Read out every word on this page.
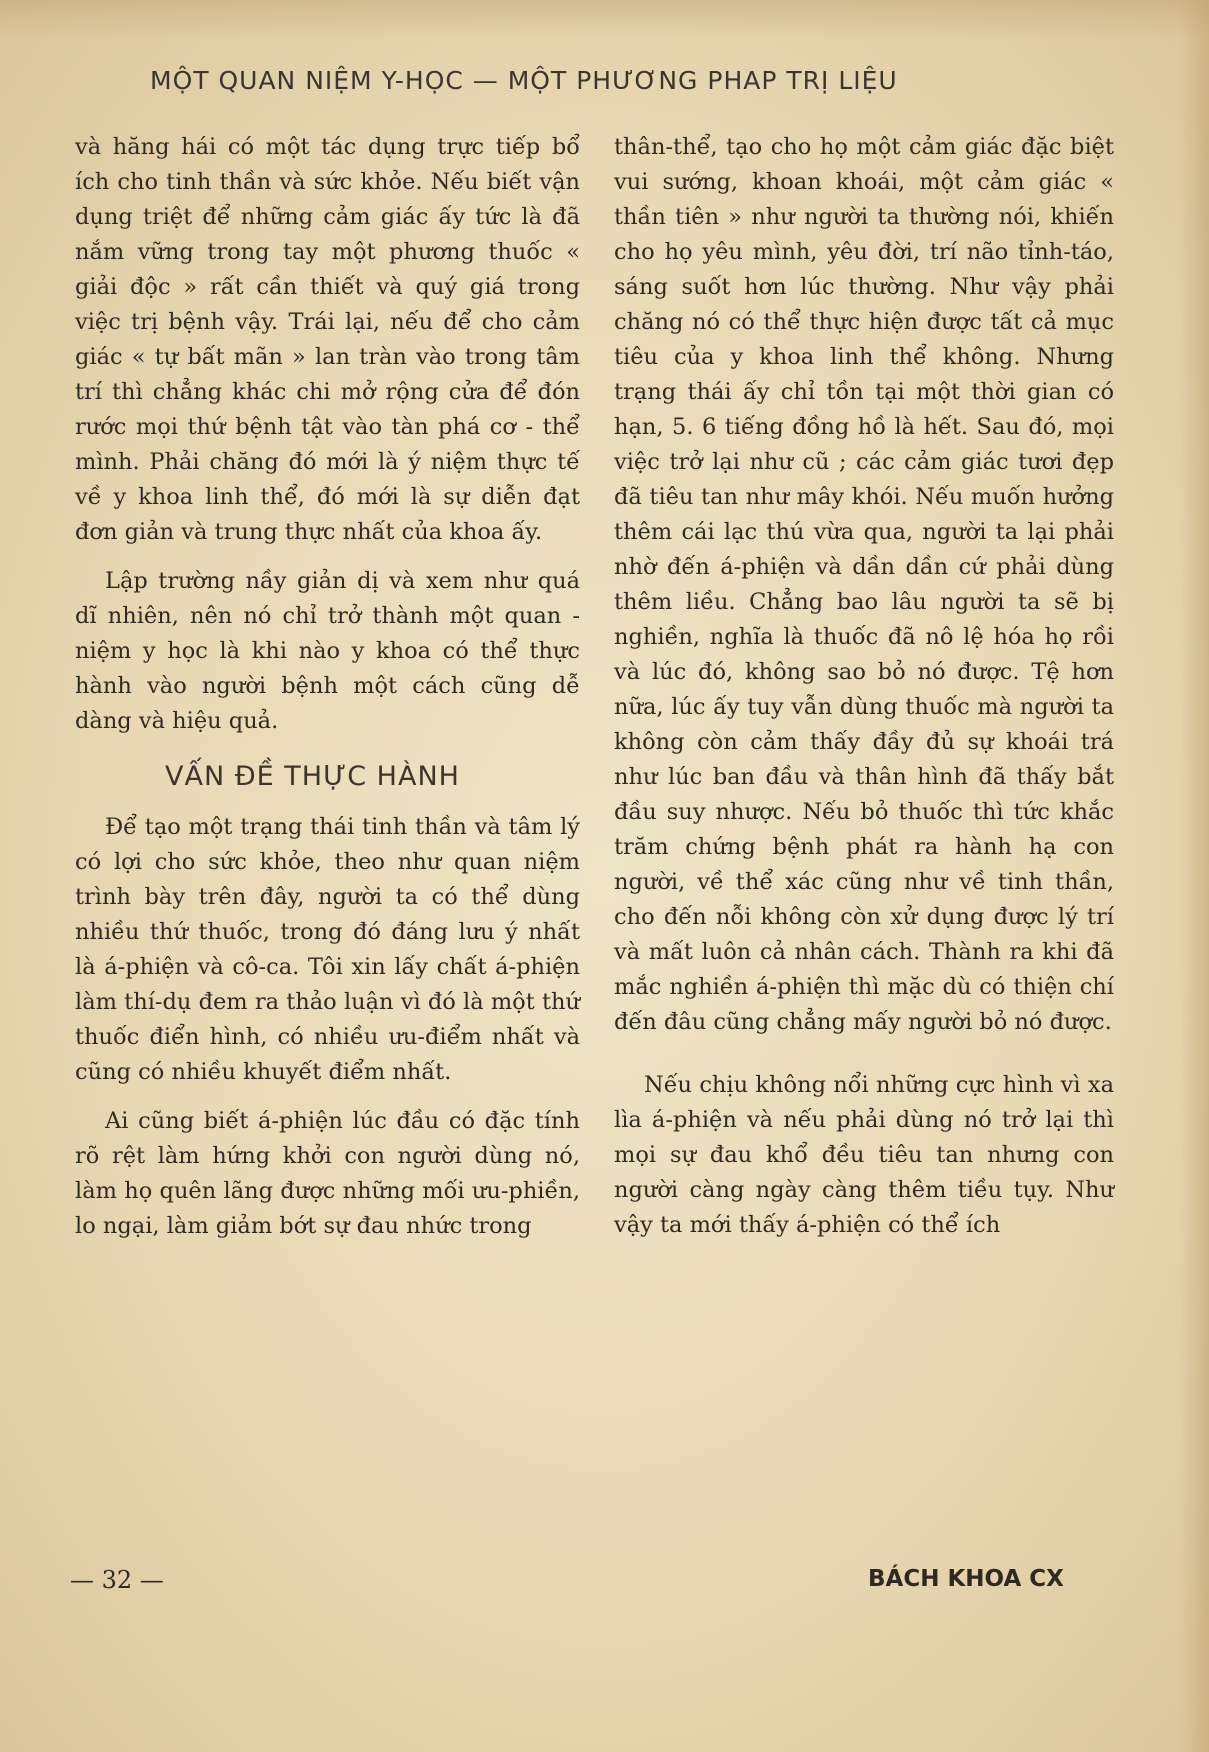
MỘT QUAN NIỆM Y-HỌC — MỘT PHƯƠNG PHAP TRỊ LIỆU

và hăng hái có một tác dụng trực tiếp bổ ích cho tinh thần và sức khỏe. Nếu biết vận dụng triệt để những cảm giác ấy tức là đã nắm vững trong tay một phương thuốc « giải độc » rất cần thiết và quý giá trong việc trị bệnh vậy. Trái lại, nếu để cho cảm giác « tự bất mãn » lan tràn vào trong tâm trí thì chẳng khác chi mở rộng cửa để đón rước mọi thứ bệnh tật vào tàn phá cơ - thể mình. Phải chăng đó mới là ý niệm thực tế về y khoa linh thể, đó mới là sự diễn đạt đơn giản và trung thực nhất của khoa ấy.

Lập trường nầy giản dị và xem như quá dĩ nhiên, nên nó chỉ trở thành một quan - niệm y học là khi nào y khoa có thể thực hành vào người bệnh một cách cũng dễ dàng và hiệu quả.

VẤN ĐỀ THỰC HÀNH

Để tạo một trạng thái tinh thần và tâm lý có lợi cho sức khỏe, theo như quan niệm trình bày trên đây, người ta có thể dùng nhiều thứ thuốc, trong đó đáng lưu ý nhất là á-phiện và cô-ca. Tôi xin lấy chất á-phiện làm thí-dụ đem ra thảo luận vì đó là một thứ thuốc điển hình, có nhiều ưu-điểm nhất và cũng có nhiều khuyết điểm nhất.

Ai cũng biết á-phiện lúc đầu có đặc tính rõ rệt làm hứng khởi con người dùng nó, làm họ quên lãng được những mối ưu-phiền, lo ngại, làm giảm bớt sự đau nhức trong

thân-thể, tạo cho họ một cảm giác đặc biệt vui sướng, khoan khoái, một cảm giác « thần tiên » như người ta thường nói, khiến cho họ yêu mình, yêu đời, trí não tỉnh-táo, sáng suốt hơn lúc thường. Như vậy phải chăng nó có thể thực hiện được tất cả mục tiêu của y khoa linh thể không. Nhưng trạng thái ấy chỉ tồn tại một thời gian có hạn, 5. 6 tiếng đồng hồ là hết. Sau đó, mọi việc trở lại như cũ ; các cảm giác tươi đẹp đã tiêu tan như mây khói. Nếu muốn hưởng thêm cái lạc thú vừa qua, người ta lại phải nhờ đến á-phiện và dần dần cứ phải dùng thêm liều. Chẳng bao lâu người ta sẽ bị nghiền, nghĩa là thuốc đã nô lệ hóa họ rồi và lúc đó, không sao bỏ nó được. Tệ hơn nữa, lúc ấy tuy vẫn dùng thuốc mà người ta không còn cảm thấy đầy đủ sự khoái trá như lúc ban đầu và thân hình đã thấy bắt đầu suy nhược. Nếu bỏ thuốc thì tức khắc trăm chứng bệnh phát ra hành hạ con người, về thể xác cũng như về tinh thần, cho đến nỗi không còn xử dụng được lý trí và mất luôn cả nhân cách. Thành ra khi đã mắc nghiền á-phiện thì mặc dù có thiện chí đến đâu cũng chẳng mấy người bỏ nó được.

Nếu chịu không nổi những cực hình vì xa lìa á-phiện và nếu phải dùng nó trở lại thì mọi sự đau khổ đều tiêu tan nhưng con người càng ngày càng thêm tiều tụy. Như vậy ta mới thấy á-phiện có thể ích

— 32 —	BÁCH KHOA CX
